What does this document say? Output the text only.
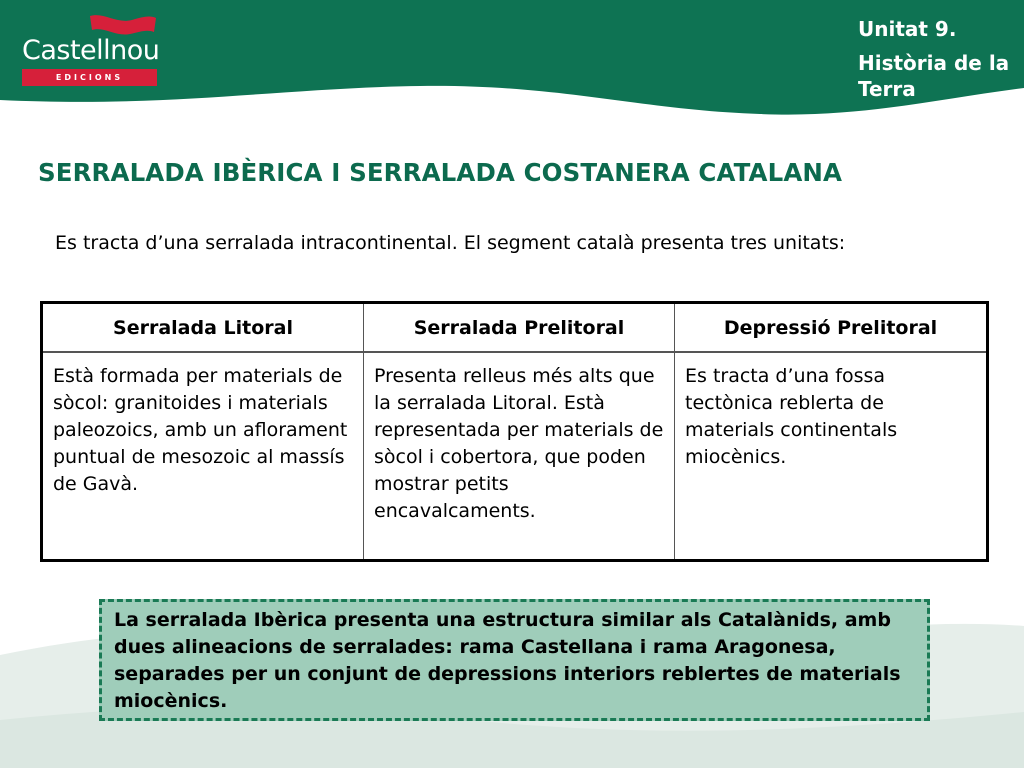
Castellnou
EDICIONS
Unitat 9.
Història de la Terra
SERRALADA IBÈRICA I SERRALADA COSTANERA CATALANA
Es tracta d’una serralada intracontinental. El segment català presenta tres unitats:
Serralada Litoral	Serralada Prelitoral	Depressió Prelitoral
Està formada per materials de sòcol: granitoides i materials paleozoics, amb un aflorament puntual de mesozoic al massís de Gavà.	Presenta relleus més alts que la serralada Litoral. Està representada per materials de sòcol i cobertora, que poden mostrar petits encavalcaments.	Es tracta d’una fossa tectònica reblerta de materials continentals miocènics.
La serralada Ibèrica presenta una estructura similar als Catalànids, amb dues alineacions de serralades: rama Castellana i rama Aragonesa, separades per un conjunt de depressions interiors reblertes de materials miocènics.
